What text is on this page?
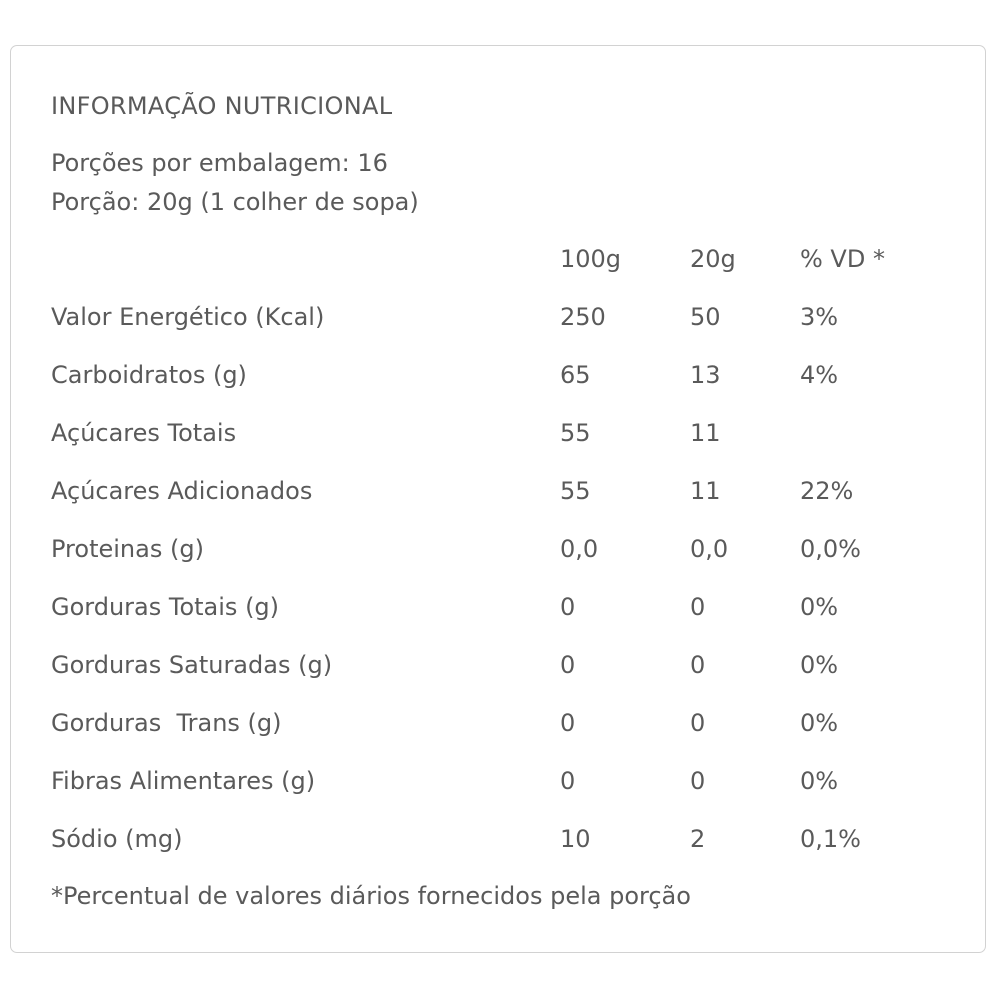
INFORMAÇÃO NUTRICIONAL
Porções por embalagem: 16
Porção: 20g (1 colher de sopa)
100g	20g	% VD *
Valor Energético (Kcal)	250	50	3%
Carboidratos (g)	65	13	4%
Açúcares Totais	55	11
Açúcares Adicionados	55	11	22%
Proteinas (g)	0,0	0,0	0,0%
Gorduras Totais (g)	0	0	0%
Gorduras Saturadas (g)	0	0	0%
Gorduras  Trans (g)	0	0	0%
Fibras Alimentares (g)	0	0	0%
Sódio (mg)	10	2	0,1%
*Percentual de valores diários fornecidos pela porção
